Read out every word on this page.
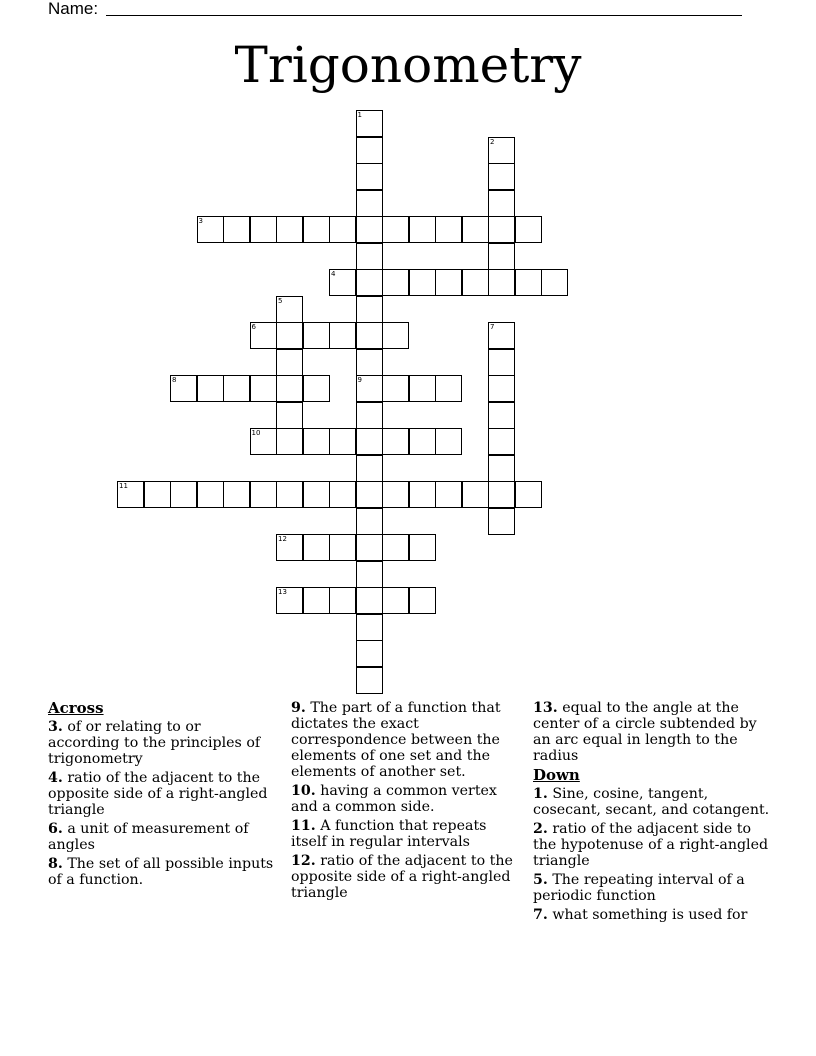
Name:
Trigonometry
3
4
6
8	9
10
11
12
13
1
2
5
7
Across
3. of or relating to or according to the principles of trigonometry
4. ratio of the adjacent to the opposite side of a right-angled triangle
6. a unit of measurement of angles
8. The set of all possible inputs of a function.
9. The part of a function that dictates the exact correspondence between the elements of one set and the elements of another set.
10. having a common vertex and a common side.
11. A function that repeats itself in regular intervals
12. ratio of the adjacent to the opposite side of a right-angled triangle
13. equal to the angle at the center of a circle subtended by an arc equal in length to the radius
Down
1. Sine, cosine, tangent, cosecant, secant, and cotangent.
2. ratio of the adjacent side to the hypotenuse of a right-angled triangle
5. The repeating interval of a periodic function
7. what something is used for
